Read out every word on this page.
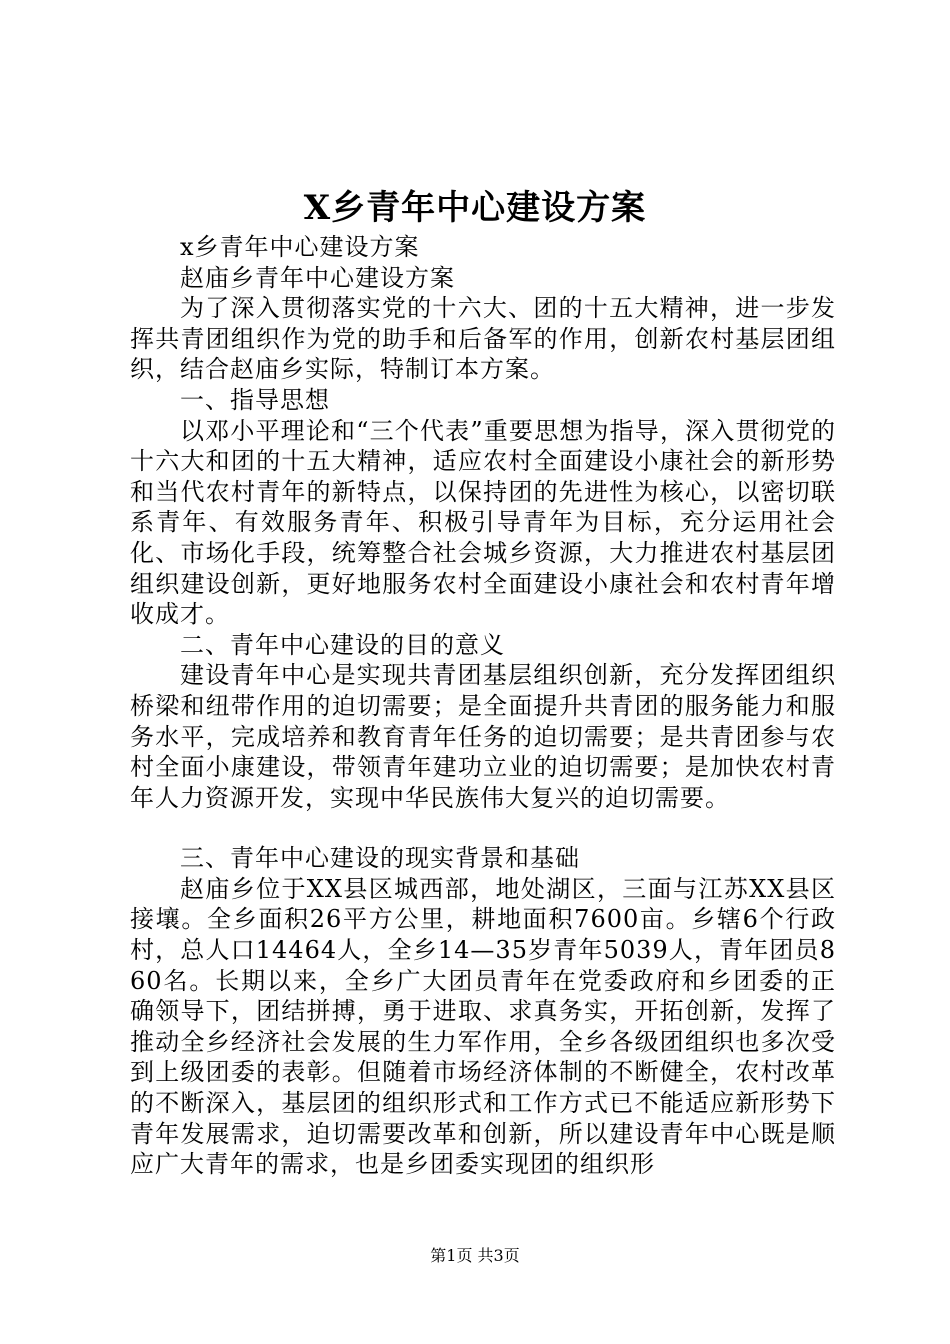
X乡青年中心建设方案

x乡青年中心建设方案

赵庙乡青年中心建设方案

为了深入贯彻落实党的十六大、团的十五大精神，进一步发挥共青团组织作为党的助手和后备军的作用，创新农村基层团组织，结合赵庙乡实际，特制订本方案。

一、指导思想

以邓小平理论和“三个代表”重要思想为指导，深入贯彻党的十六大和团的十五大精神，适应农村全面建设小康社会的新形势和当代农村青年的新特点，以保持团的先进性为核心，以密切联系青年、有效服务青年、积极引导青年为目标，充分运用社会化、市场化手段，统筹整合社会城乡资源，大力推进农村基层团组织建设创新，更好地服务农村全面建设小康社会和农村青年增收成才。

二、青年中心建设的目的意义

建设青年中心是实现共青团基层组织创新，充分发挥团组织桥梁和纽带作用的迫切需要；是全面提升共青团的服务能力和服务水平，完成培养和教育青年任务的迫切需要；是共青团参与农村全面小康建设，带领青年建功立业的迫切需要；是加快农村青年人力资源开发，实现中华民族伟大复兴的迫切需要。

三、青年中心建设的现实背景和基础

赵庙乡位于XX县区城西部，地处湖区，三面与江苏XX县区接壤。全乡面积26平方公里，耕地面积7600亩。乡辖6个行政村，总人口14464人，全乡14—35岁青年5039人，青年团员860名。长期以来，全乡广大团员青年在党委政府和乡团委的正确领导下，团结拼搏，勇于进取、求真务实，开拓创新，发挥了推动全乡经济社会发展的生力军作用，全乡各级团组织也多次受到上级团委的表彰。但随着市场经济体制的不断健全，农村改革的不断深入，基层团的组织形式和工作方式已不能适应新形势下青年发展需求，迫切需要改革和创新，所以建设青年中心既是顺应广大青年的需求，也是乡团委实现团的组织形

第1页 共3页
